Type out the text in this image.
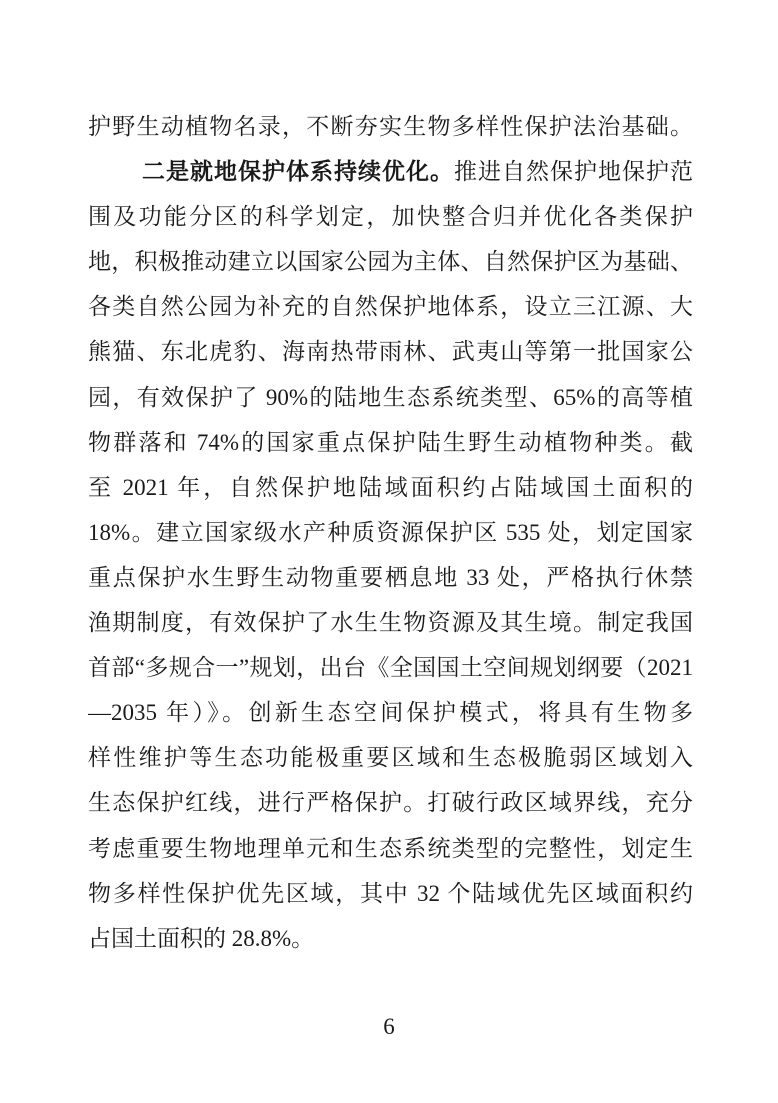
护野生动植物名录，不断夯实生物多样性保护法治基础。
二是就地保护体系持续优化。推进自然保护地保护范
围及功能分区的科学划定，加快整合归并优化各类保护
地，积极推动建立以国家公园为主体、自然保护区为基础、
各类自然公园为补充的自然保护地体系，设立三江源、大
熊猫、东北虎豹、海南热带雨林、武夷山等第一批国家公
园，有效保护了 90%的陆地生态系统类型、65%的高等植
物群落和 74%的国家重点保护陆生野生动植物种类。截
至 2021 年，自然保护地陆域面积约占陆域国土面积的
18%。建立国家级水产种质资源保护区 535 处，划定国家
重点保护水生野生动物重要栖息地 33 处，严格执行休禁
渔期制度，有效保护了水生生物资源及其生境。制定我国
首部“多规合一”规划，出台《全国国土空间规划纲要（2021
—2035 年）》。创新生态空间保护模式，将具有生物多
样性维护等生态功能极重要区域和生态极脆弱区域划入
生态保护红线，进行严格保护。打破行政区域界线，充分
考虑重要生物地理单元和生态系统类型的完整性，划定生
物多样性保护优先区域，其中 32 个陆域优先区域面积约
占国土面积的 28.8%。
6
